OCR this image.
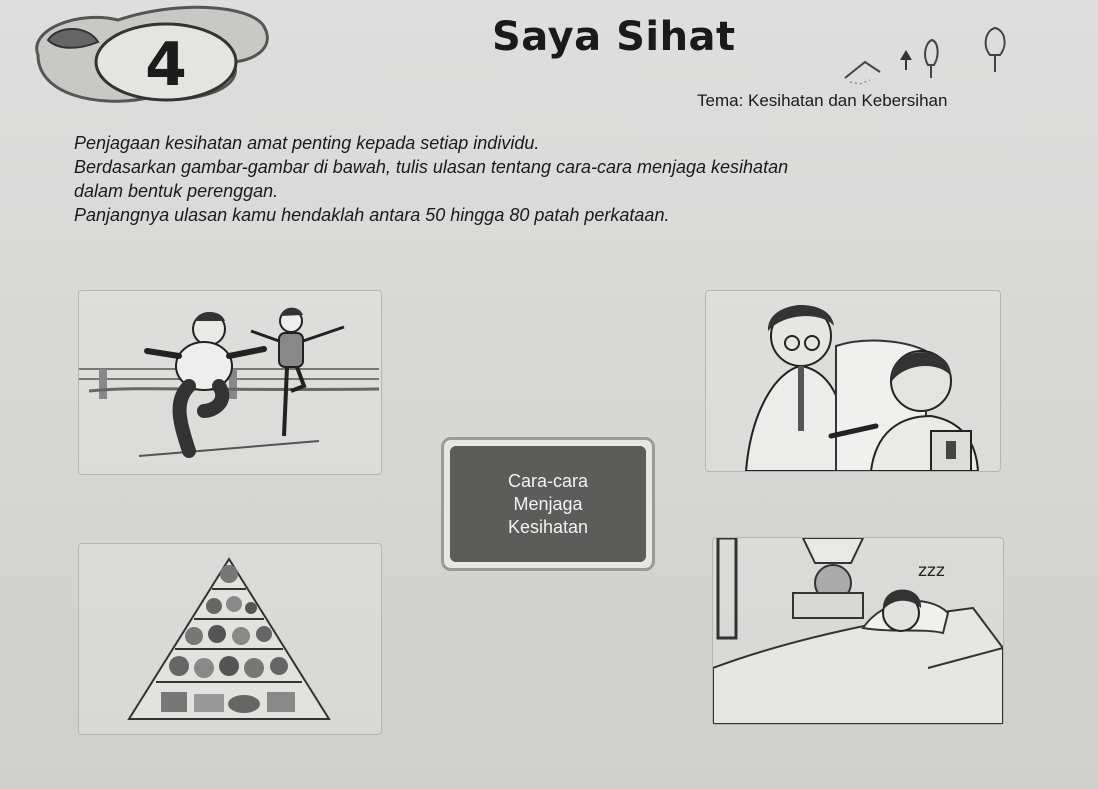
4	Saya Sihat
Tema: Kesihatan dan Kebersihan

Penjagaan kesihatan amat penting kepada setiap individu.

Berdasarkan gambar-gambar di bawah, tulis ulasan tentang cara-cara menjaga kesihatan

dalam bentuk perenggan.

Panjangnya ulasan kamu hendaklah antara 50 hingga 80 patah perkataan.

Cara-cara
Menjaga
Kesihatan
zzz
